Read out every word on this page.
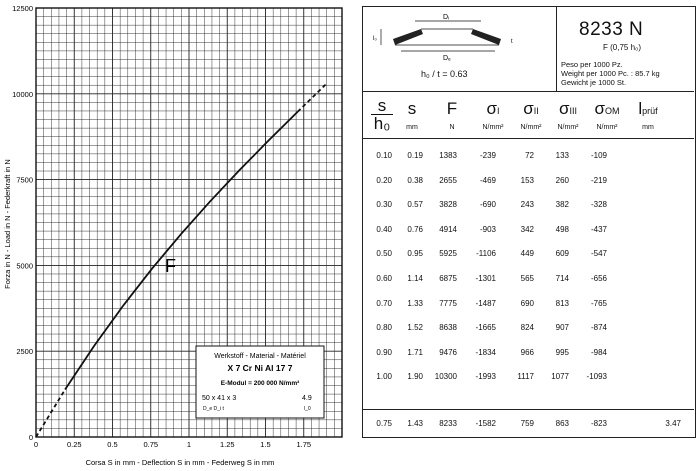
0	0.25	0.5	0.75	1	1.25	1.5	1.75
0
2500
5000
7500
10000
12500
Corsa S in mm - Deflection S in mm - Federweg S in mm
Forza in N - Load in N - Federkraft in N	F
Werkstoff - Material - Matériel
X 7 Cr Ni Al 17 7
E-Modul = 200 000 N/mm²
50 x 41 x 3
D_e D_i t
4.9
l_0
Dᵢ
Dₑ
l₀	t
h₀ / t = 0.63
8233 N
F (0,75 h₀)
Peso per 1000 Pz.
Weight per 1000 Pc. : 85.7 kg
Gewicht je 1000 St.
$\frac{s}{\text{h₀}}$ s
mm
F
N
σI
N/mm²
σII
N/mm²
σIII
N/mm²
σOM
N/mm²
lprüf
mm
0.10 0.19 1383	-239	72	133	-109
0.20 0.38 2655	-469	153	260	-219
0.30 0.57 3828	-690	243	382	-328
0.40 0.76 4914	-903	342	498	-437
0.50 0.95 5925 -1106	449	609	-547
0.60 1.14 6875 -1301	565	714	-656
0.70 1.33 7775 -1487	690	813	-765
0.80 1.52 8638 -1665	824	907	-874
0.90 1.71 9476 -1834	966	995	-984
1.00 1.90 10300 -1993	1117 1077 -1093
0.75 1.43 8233 -1582	759	863	-823	3.47
